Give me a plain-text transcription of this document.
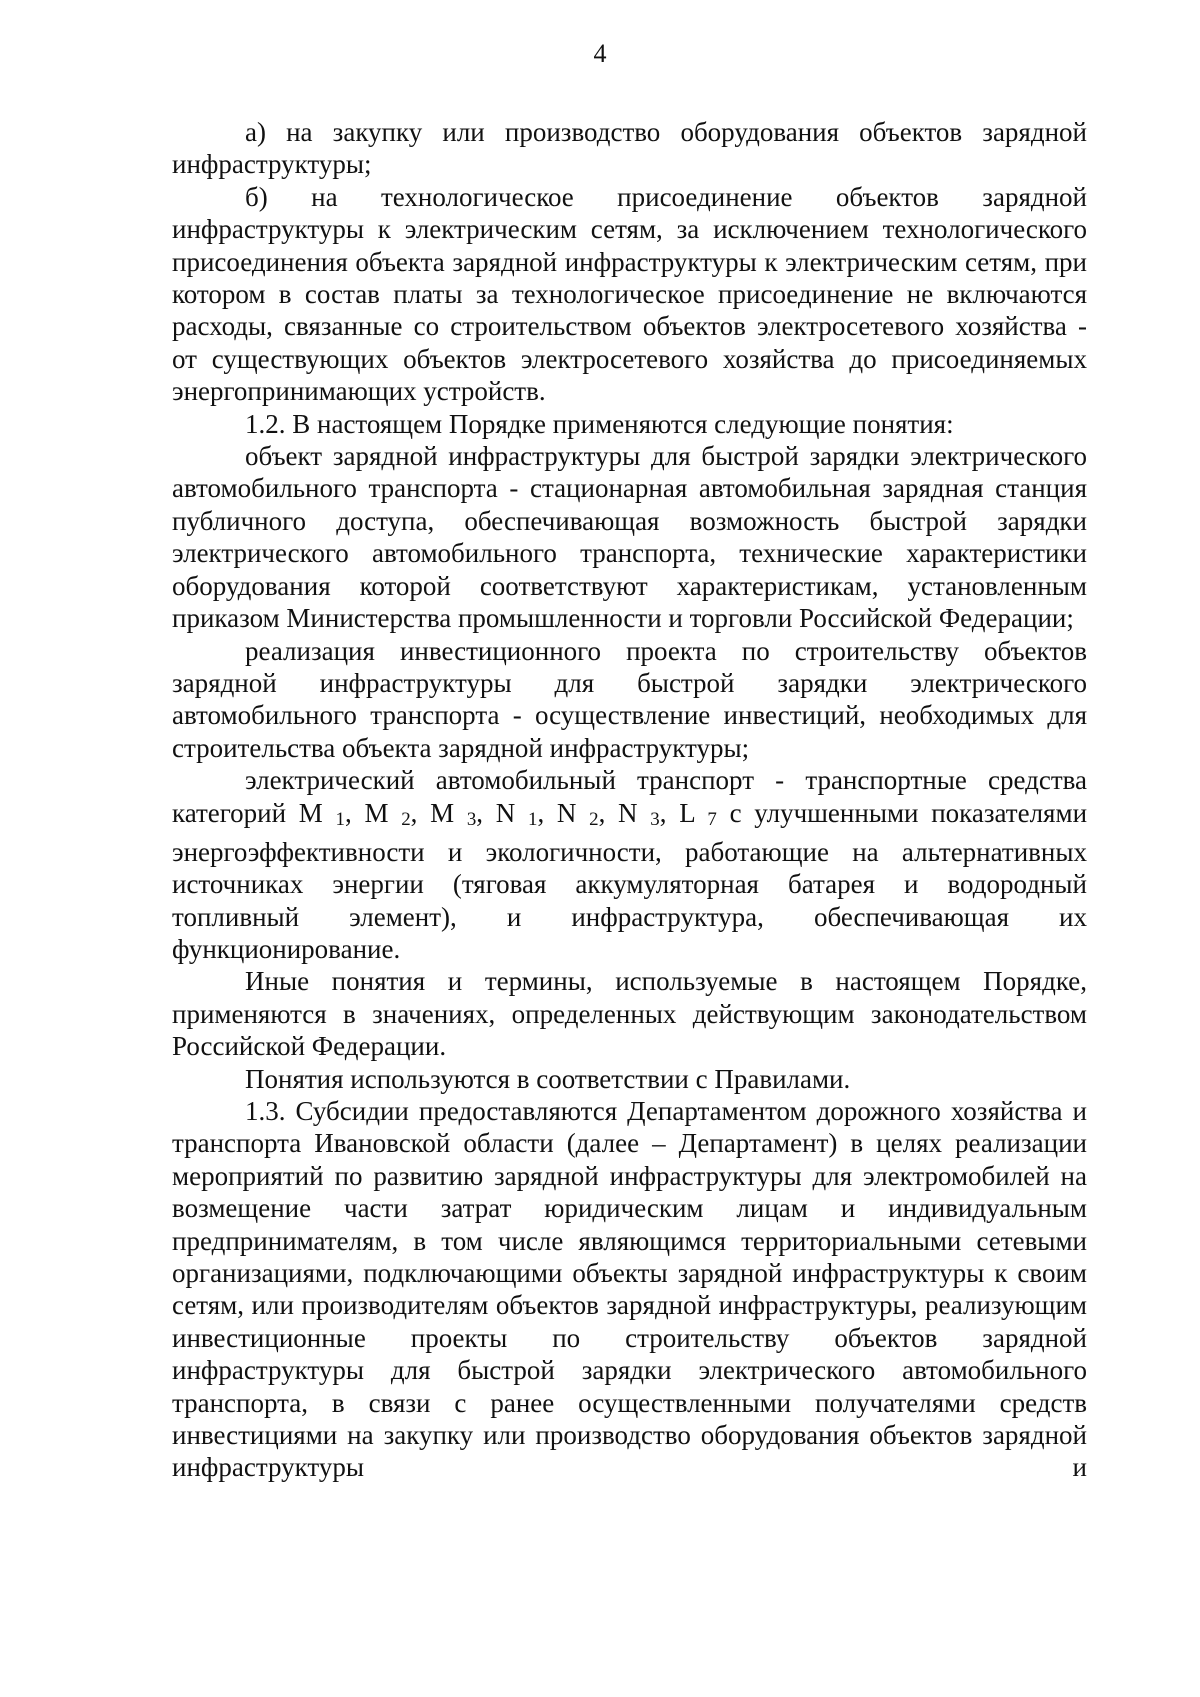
4

а) на закупку или производство оборудования объектов зарядной инфраструктуры;

б) на технологическое присоединение объектов зарядной инфраструктуры к электрическим сетям, за исключением технологического присоединения объекта зарядной инфраструктуры к электрическим сетям, при котором в состав платы за технологическое присоединение не включаются расходы, связанные со строительством объектов электросетевого хозяйства - от существующих объектов электросетевого хозяйства до присоединяемых энергопринимающих устройств.

1.2. В настоящем Порядке применяются следующие понятия:

объект зарядной инфраструктуры для быстрой зарядки электрического автомобильного транспорта - стационарная автомобильная зарядная станция публичного доступа, обеспечивающая возможность быстрой зарядки электрического автомобильного транспорта, технические характеристики оборудования которой соответствуют характеристикам, установленным приказом Министерства промышленности и торговли Российской Федерации;

реализация инвестиционного проекта по строительству объектов зарядной инфраструктуры для быстрой зарядки электрического автомобильного транспорта - осуществление инвестиций, необходимых для строительства объекта зарядной инфраструктуры;

электрический автомобильный транспорт - транспортные средства категорий M 1, M 2, M 3, N 1, N 2, N 3, L 7 с улучшенными показателями энергоэффективности и экологичности, работающие на альтернативных источниках энергии (тяговая аккумуляторная батарея и водородный топливный элемент), и инфраструктура, обеспечивающая их функционирование.

Иные понятия и термины, используемые в настоящем Порядке, применяются в значениях, определенных действующим законодательством Российской Федерации.

Понятия используются в соответствии с Правилами.

1.3. Субсидии предоставляются Департаментом дорожного хозяйства и транспорта Ивановской области (далее – Департамент) в целях реализации мероприятий по развитию зарядной инфраструктуры для электромобилей на возмещение части затрат юридическим лицам и индивидуальным предпринимателям, в том числе являющимся территориальными сетевыми организациями, подключающими объекты зарядной инфраструктуры к своим сетям, или производителям объектов зарядной инфраструктуры, реализующим инвестиционные проекты по строительству объектов зарядной инфраструктуры для быстрой зарядки электрического автомобильного транспорта, в связи с ранее осуществленными получателями средств инвестициями на закупку или производство оборудования объектов зарядной инфраструктуры и
